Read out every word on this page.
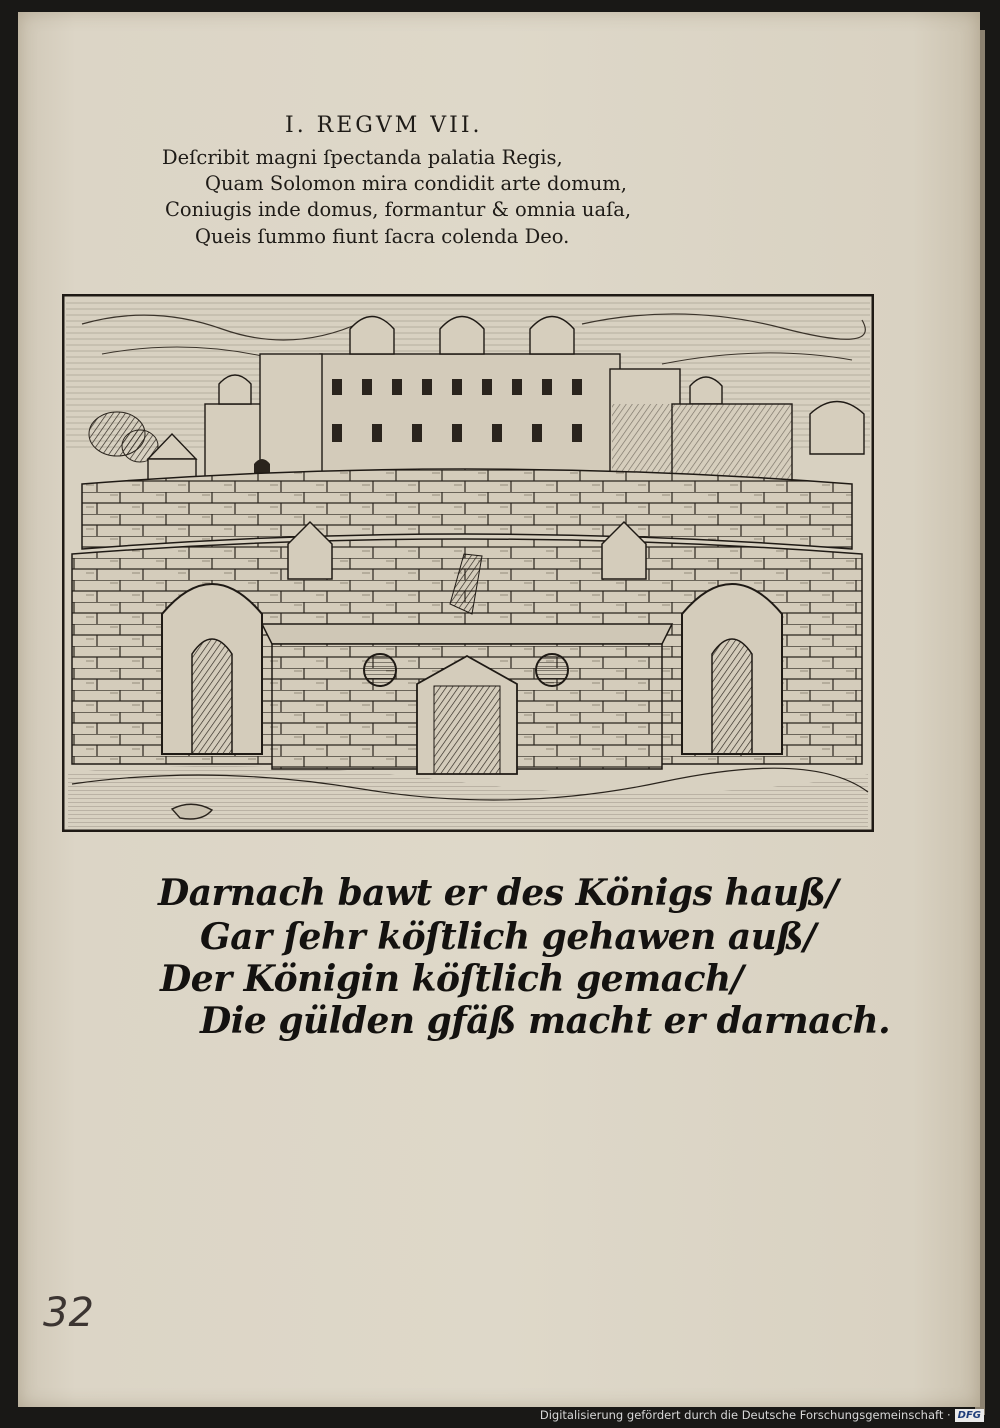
I. REGVM VII.
Deſcribit magni ſpectanda palatia Regis,
Quam Solomon mira condidit arte domum,
Coniugis inde domus, formantur & omnia uaſa,
Queis ſummo fiunt ſacra colenda Deo.
Darnach bawt er des Königs hauß/
Gar ſehr köſtlich gehawen auß/
Der Königin köſtlich gemach/
Die gülden gfäß macht er darnach.
32
Digitalisierung gefördert durch die Deutsche Forschungsgemeinschaft · DFG
